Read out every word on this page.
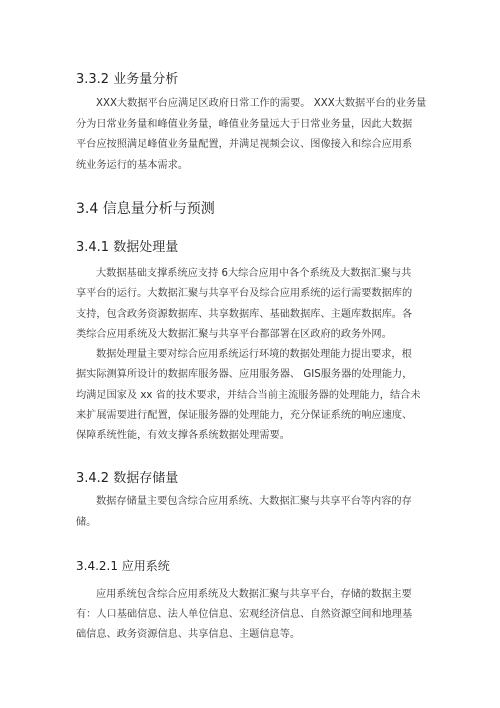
3.3.2 业务量分析
XXX大数据平台应满足区政府日常工作的需要。 XXX大数据平台的业务量
分为日常业务量和峰值业务量，峰值业务量远大于日常业务量，因此大数据
平台应按照满足峰值业务量配置，并满足视频会议、图像接入和综合应用系
统业务运行的基本需求。
3.4 信息量分析与预测
3.4.1 数据处理量
大数据基础支撑系统应支持 6大综合应用中各个系统及大数据汇聚与共
享平台的运行。大数据汇聚与共享平台及综合应用系统的运行需要数据库的
支持，包含政务资源数据库、共享数据库、基础数据库、主题库数据库。各
类综合应用系统及大数据汇聚与共享平台都部署在区政府的政务外网。
数据处理量主要对综合应用系统运行环境的数据处理能力提出要求，根
据实际测算所设计的数据库服务器、应用服务器、 GIS服务器的处理能力，
均满足国家及 xx 省的技术要求，并结合当前主流服务器的处理能力，结合未
来扩展需要进行配置，保证服务器的处理能力，充分保证系统的响应速度、
保障系统性能，有效支撑各系统数据处理需要。
3.4.2 数据存储量
数据存储量主要包含综合应用系统、大数据汇聚与共享平台等内容的存
储。
3.4.2.1 应用系统
应用系统包含综合应用系统及大数据汇聚与共享平台，存储的数据主要
有：人口基础信息、法人单位信息、宏观经济信息、自然资源空间和地理基
础信息、政务资源信息、共享信息、主题信息等。
